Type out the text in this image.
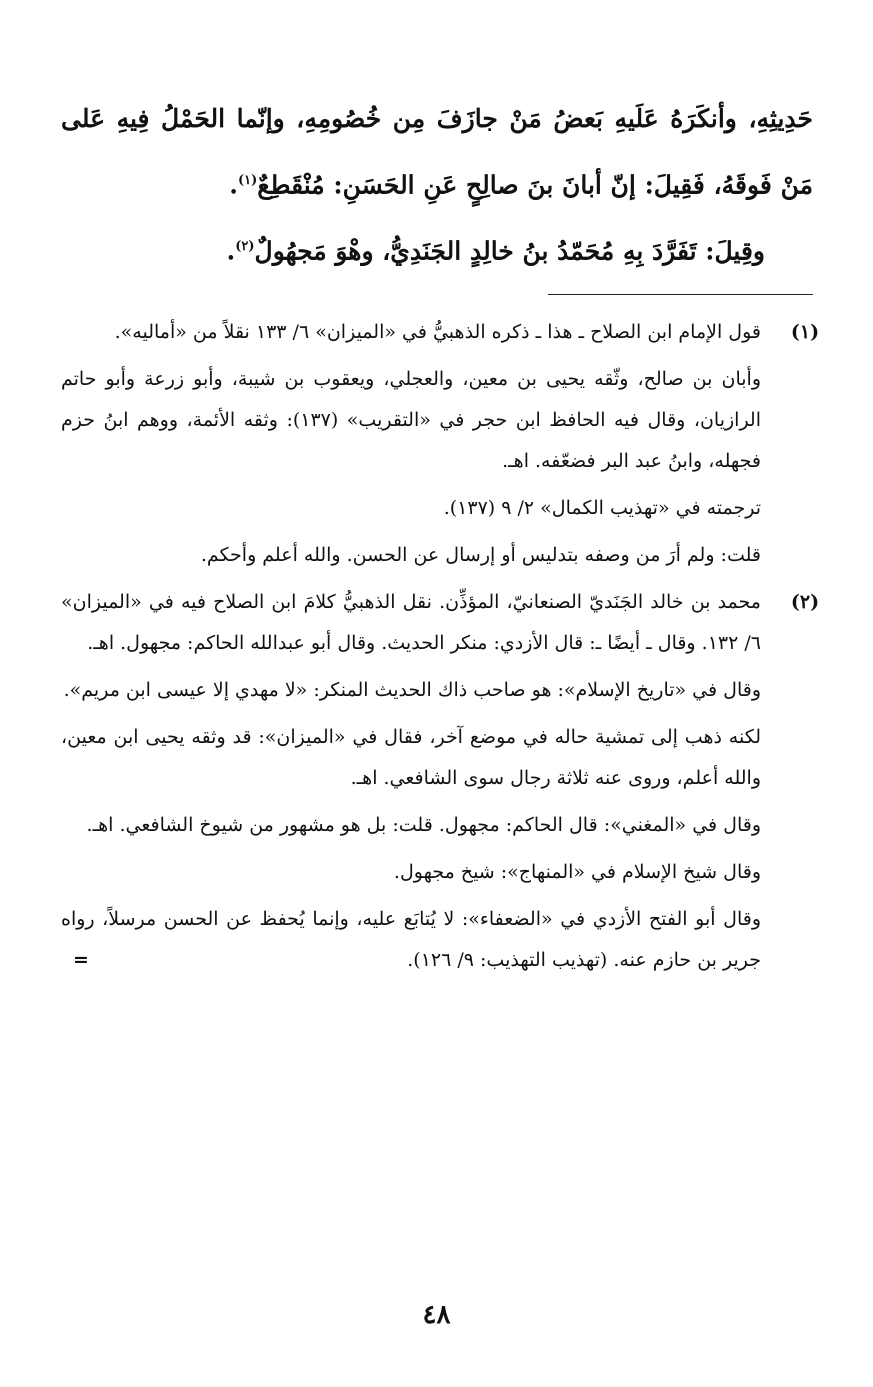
حَدِيثِهِ، وأنكَرَهُ عَلَيهِ بَعضُ مَنْ جازَفَ مِن خُصُومِهِ، وإنّما الحَمْلُ فِيهِ عَلى مَنْ فَوقَهُ، فَقِيلَ: إنّ أبانَ بنَ صالِحٍ عَنِ الحَسَنِ: مُنْقَطِعٌ$^{(١)}$.

وقِيلَ: تَفَرَّدَ بِهِ مُحَمّدُ بنُ خالِدٍ الجَنَدِيُّ، وهْوَ مَجهُولٌ$^{(٢)}$.

(١)

قول الإمام ابن الصلاح ـ هذا ـ ذكره الذهبيُّ في «الميزان» ٦/ ١٣٣ نقلاً من «أماليه».

وأبان بن صالح، وثّقه يحيى بن معين، والعجلي، ويعقوب بن شيبة، وأبو زرعة وأبو حاتم الرازيان، وقال فيه الحافظ ابن حجر في «التقريب» (١٣٧): وثقه الأئمة، ووهم ابنُ حزم فجهله، وابنُ عبد البر فضعّفه. اهـ.

ترجمته في «تهذيب الكمال» ٢/ ٩ (١٣٧).

قلت: ولم أرَ من وصفه بتدليس أو إرسال عن الحسن. والله أعلم وأحكم.

(٢)

محمد بن خالد الجَنَديّ الصنعانيّ، المؤذِّن. نقل الذهبيُّ كلامَ ابن الصلاح فيه في «الميزان» ٦/ ١٣٢. وقال ـ أيضًا ـ: قال الأزدي: منكر الحديث. وقال أبو عبدالله الحاكم: مجهول. اهـ.

وقال في «تاريخ الإسلام»: هو صاحب ذاك الحديث المنكر: «لا مهدي إلا عيسى ابن مريم».

لكنه ذهب إلى تمشية حاله في موضع آخر، فقال في «الميزان»: قد وثقه يحيى ابن معين، والله أعلم، وروى عنه ثلاثة رجال سوى الشافعي. اهـ.

وقال في «المغني»: قال الحاكم: مجهول. قلت: بل هو مشهور من شيوخ الشافعي. اهـ.

وقال شيخ الإسلام في «المنهاج»: شيخ مجهول.

وقال أبو الفتح الأزدي في «الضعفاء»: لا يُتابَع عليه، وإنما يُحفظ عن الحسن مرسلاً، رواه جرير بن حازم عنه. (تهذيب التهذيب: ٩/ ١٢٦).
=

٤٨
